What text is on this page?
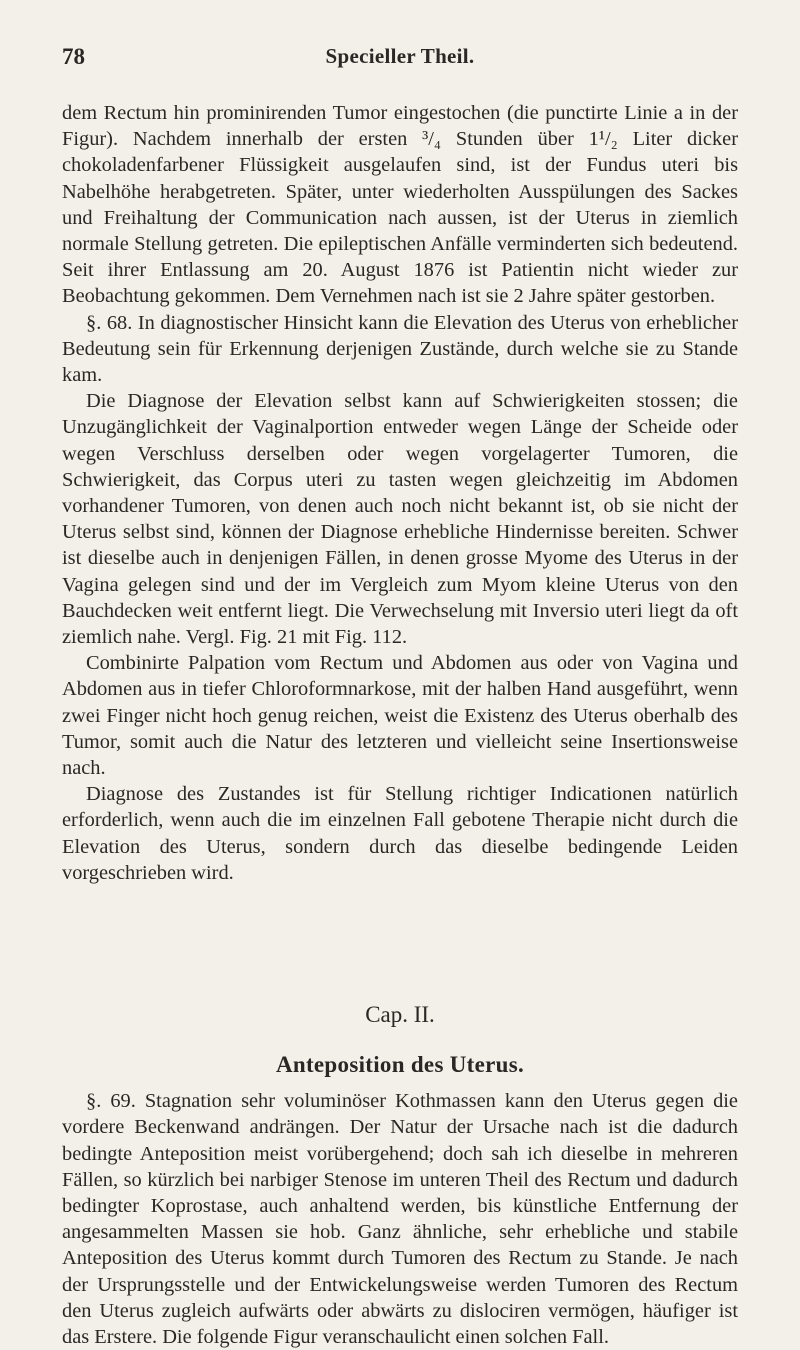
78	Specieller Theil.

dem Rectum hin prominirenden Tumor eingestochen (die punctirte Linie a in der Figur). Nachdem innerhalb der ersten ³/₄ Stunden über 1¹/₂ Liter dicker chokoladenfarbener Flüssigkeit ausgelaufen sind, ist der Fundus uteri bis Nabelhöhe herabgetreten. Später, unter wiederholten Ausspülungen des Sackes und Freihaltung der Communication nach aussen, ist der Uterus in ziemlich normale Stellung getreten. Die epileptischen Anfälle verminderten sich bedeutend. Seit ihrer Entlassung am 20. August 1876 ist Patientin nicht wieder zur Beobachtung gekommen. Dem Vernehmen nach ist sie 2 Jahre später gestorben.

§. 68. In diagnostischer Hinsicht kann die Elevation des Uterus von erheblicher Bedeutung sein für Erkennung derjenigen Zustände, durch welche sie zu Stande kam.

Die Diagnose der Elevation selbst kann auf Schwierigkeiten stossen; die Unzugänglichkeit der Vaginalportion entweder wegen Länge der Scheide oder wegen Verschluss derselben oder wegen vorgelagerter Tumoren, die Schwierigkeit, das Corpus uteri zu tasten wegen gleichzeitig im Abdomen vorhandener Tumoren, von denen auch noch nicht bekannt ist, ob sie nicht der Uterus selbst sind, können der Diagnose erhebliche Hindernisse bereiten. Schwer ist dieselbe auch in denjenigen Fällen, in denen grosse Myome des Uterus in der Vagina gelegen sind und der im Vergleich zum Myom kleine Uterus von den Bauchdecken weit entfernt liegt. Die Verwechselung mit Inversio uteri liegt da oft ziemlich nahe. Vergl. Fig. 21 mit Fig. 112.

Combinirte Palpation vom Rectum und Abdomen aus oder von Vagina und Abdomen aus in tiefer Chloroformnarkose, mit der halben Hand ausgeführt, wenn zwei Finger nicht hoch genug reichen, weist die Existenz des Uterus oberhalb des Tumor, somit auch die Natur des letzteren und vielleicht seine Insertionsweise nach.

Diagnose des Zustandes ist für Stellung richtiger Indicationen natürlich erforderlich, wenn auch die im einzelnen Fall gebotene Therapie nicht durch die Elevation des Uterus, sondern durch das dieselbe bedingende Leiden vorgeschrieben wird.

Cap. II.
Anteposition des Uterus.

§. 69. Stagnation sehr voluminöser Kothmassen kann den Uterus gegen die vordere Beckenwand andrängen. Der Natur der Ursache nach ist die dadurch bedingte Anteposition meist vorübergehend; doch sah ich dieselbe in mehreren Fällen, so kürzlich bei narbiger Stenose im unteren Theil des Rectum und dadurch bedingter Koprostase, auch anhaltend werden, bis künstliche Entfernung der angesammelten Massen sie hob. Ganz ähnliche, sehr erhebliche und stabile Anteposition des Uterus kommt durch Tumoren des Rectum zu Stande. Je nach der Ursprungsstelle und der Entwickelungsweise werden Tumoren des Rectum den Uterus zugleich aufwärts oder abwärts zu dislociren vermögen, häufiger ist das Erstere. Die folgende Figur veranschaulicht einen solchen Fall.
